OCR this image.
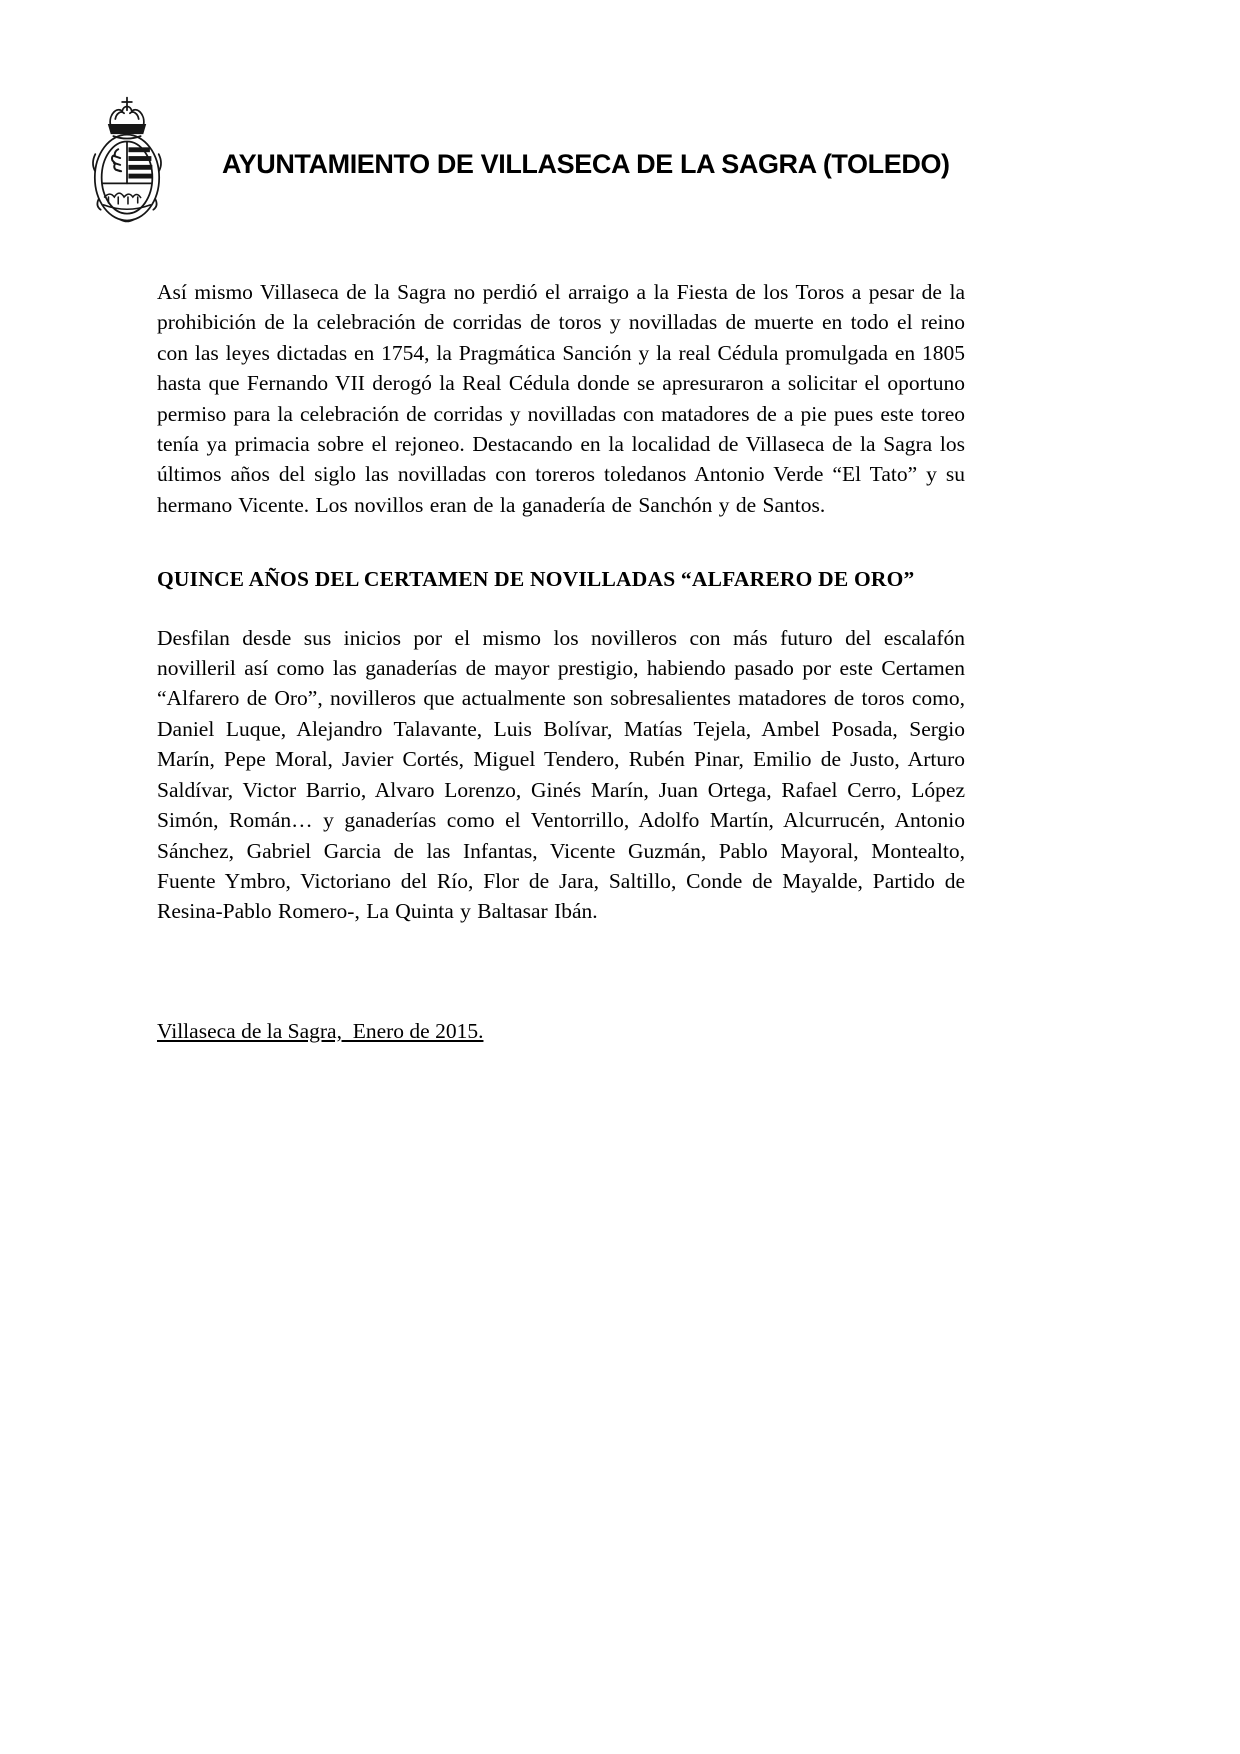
AYUNTAMIENTO DE VILLASECA DE LA SAGRA (TOLEDO)

Así mismo Villaseca de la Sagra no perdió el arraigo a la Fiesta de los Toros a pesar de la prohibición de la celebración de corridas de toros y novilladas de muerte en todo el reino con las leyes dictadas en 1754, la Pragmática Sanción y la real Cédula promulgada en 1805 hasta que Fernando VII derogó la Real Cédula donde se apresuraron a solicitar el oportuno permiso para la celebración de corridas y novilladas con matadores de a pie pues este toreo tenía ya primacia sobre el rejoneo. Destacando en la localidad de Villaseca de la Sagra los últimos años del siglo las novilladas con toreros toledanos Antonio Verde “El Tato” y su hermano Vicente. Los novillos eran de la ganadería de Sanchón y de Santos.

QUINCE AÑOS DEL CERTAMEN DE NOVILLADAS “ALFARERO DE ORO”

Desfilan desde sus inicios por el mismo los novilleros con más futuro del escalafón novilleril así como las ganaderías de mayor prestigio, habiendo pasado por este Certamen “Alfarero de Oro”, novilleros que actualmente son sobresalientes matadores de toros como, Daniel Luque, Alejandro Talavante, Luis Bolívar, Matías Tejela, Ambel Posada, Sergio Marín, Pepe Moral, Javier Cortés, Miguel Tendero, Rubén Pinar, Emilio de Justo, Arturo Saldívar, Victor Barrio, Alvaro Lorenzo, Ginés Marín, Juan Ortega, Rafael Cerro, López Simón, Román… y ganaderías como el Ventorrillo, Adolfo Martín, Alcurrucén, Antonio Sánchez, Gabriel Garcia de las Infantas, Vicente Guzmán, Pablo Mayoral, Montealto, Fuente Ymbro, Victoriano del Río, Flor de Jara, Saltillo, Conde de Mayalde, Partido de Resina-Pablo Romero-, La Quinta y Baltasar Ibán.

Villaseca de la Sagra,  Enero de 2015.
